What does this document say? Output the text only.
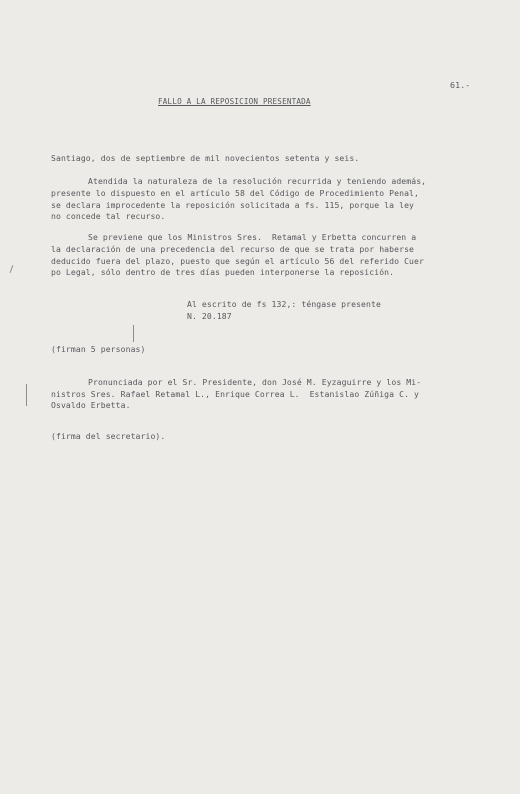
61.-
FALLO A LA REPOSICION PRESENTADA
Santiago, dos de septiembre de mil novecientos setenta y seis.
Atendida la naturaleza de la resolución recurrida y teniendo además,
presente lo dispuesto en el artículo 58 del Código de Procedimiento Penal,
se declara improcedente la reposición solicitada a fs. 115, porque la ley
no concede tal recurso.
Se previene que los Ministros Sres.  Retamal y Erbetta concurren a
la declaración de una precedencia del recurso de que se trata por haberse
deducido fuera del plazo, puesto que según el artículo 56 del referido Cuer
po Legal, sólo dentro de tres días pueden interponerse la reposición.
Al escrito de fs 132,: téngase presente
N. 20.187
(firman 5 personas)
Pronunciada por el Sr. Presidente, don José M. Eyzaguirre y los Mi-
nistros Sres. Rafael Retamal L., Enrique Correa L.  Estanislao Zúñiga C. y
Osvaldo Erbetta.
(firma del secretario).
